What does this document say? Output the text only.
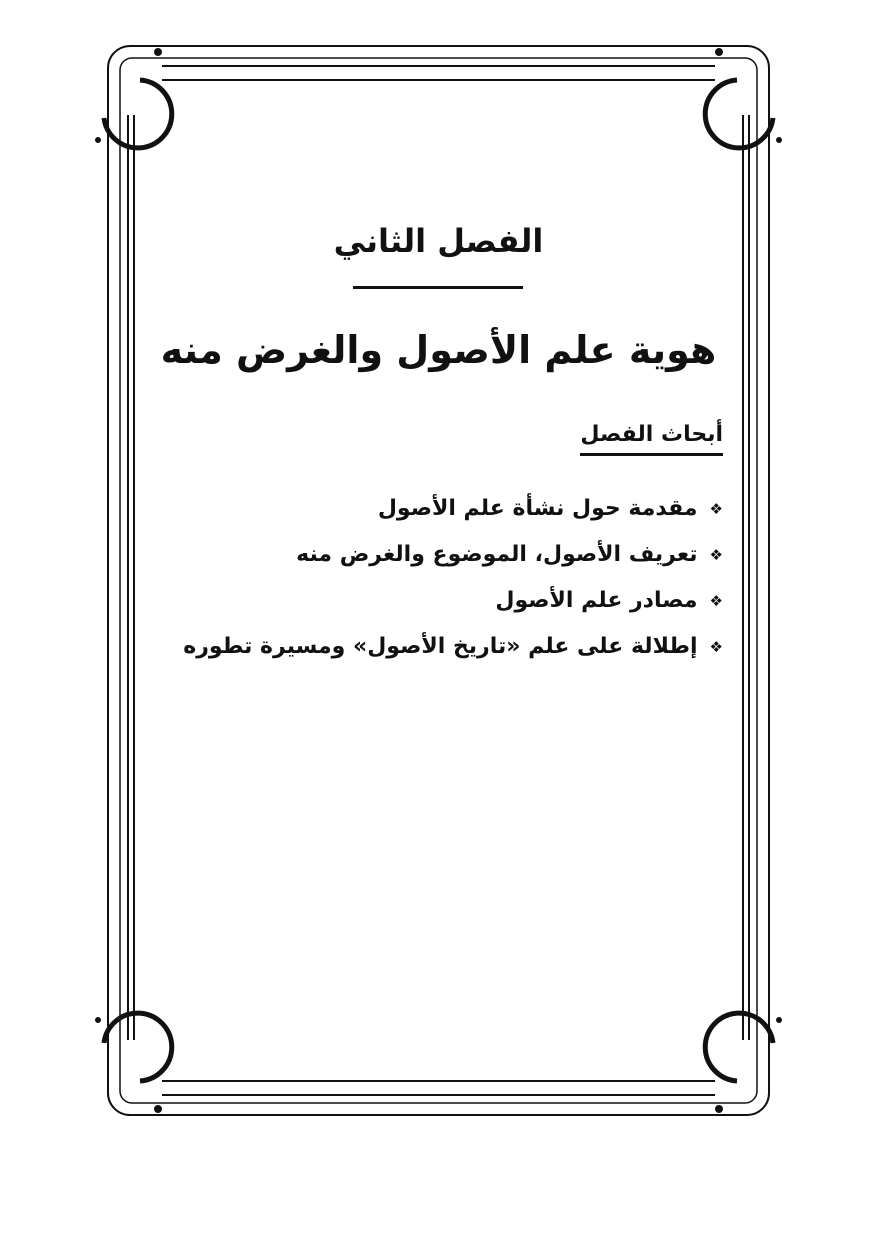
الفصل الثاني
هوية علم الأصول والغرض منه
أبحاث الفصل
❖مقدمة حول نشأة علم الأصول
❖تعريف الأصول، الموضوع والغرض منه
❖مصادر علم الأصول
❖إطلالة على علم «تاريخ الأصول» ومسيرة تطوره
